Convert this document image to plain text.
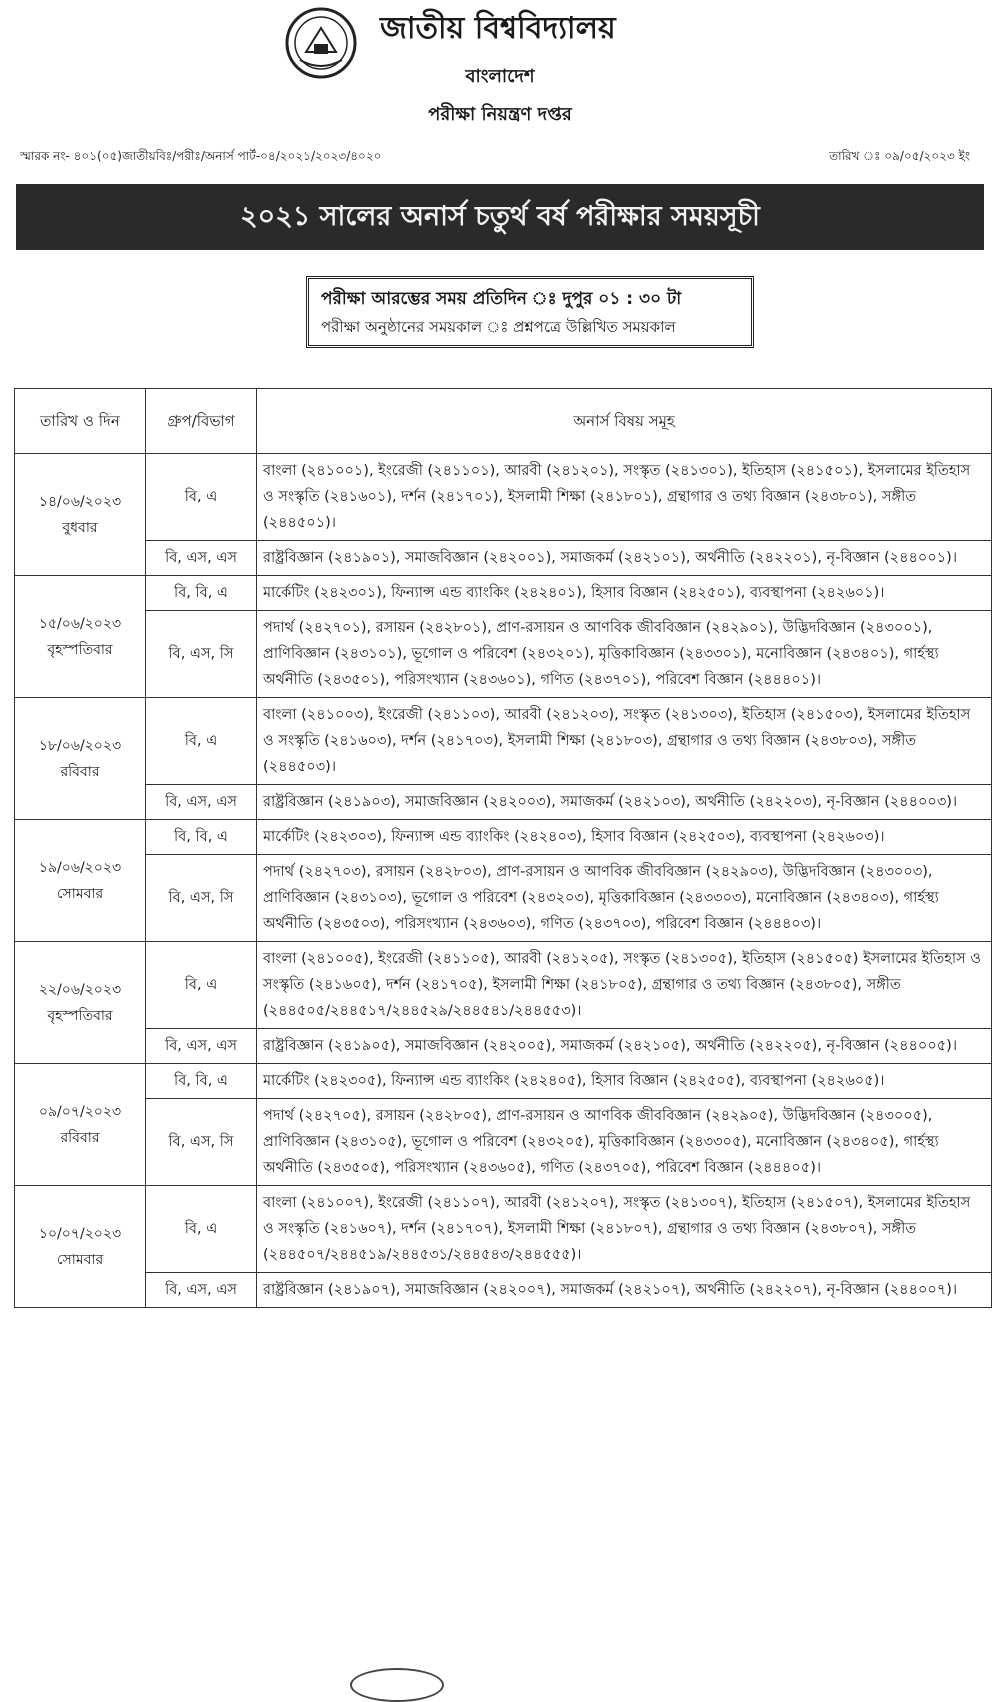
জাতীয় বিশ্ববিদ্যালয়
বাংলাদেশ
পরীক্ষা নিয়ন্ত্রণ দপ্তর
স্মারক নং- ৪০১(০৫)জাতীয়বিঃ/পরীঃ/অনার্স পার্ট-০৪/২০২১/২০২৩/৪০২০	তারিখ ঃ ০৯/০৫/২০২৩ ইং
২০২১ সালের অনার্স চতুর্থ বর্ষ পরীক্ষার সময়সূচী
পরীক্ষা আরম্ভের সময় প্রতিদিন ঃ দুপুর ০১ : ৩০ টা
পরীক্ষা অনুষ্ঠানের সময়কাল ঃ প্রশ্নপত্রে উল্লিখিত সময়কাল
তারিখ ও দিন	গ্রুপ/বিভাগ	অনার্স বিষয় সমূহ

১৪/০৬/২০২৩
বুধবার	বি, এ	বাংলা (২৪১০০১), ইংরেজী (২৪১১০১), আরবী (২৪১২০১), সংস্কৃত (২৪১৩০১), ইতিহাস (২৪১৫০১), ইসলামের ইতিহাস ও সংস্কৃতি (২৪১৬০১), দর্শন (২৪১৭০১), ইসলামী শিক্ষা (২৪১৮০১), গ্রন্থাগার ও তথ্য বিজ্ঞান (২৪৩৮০১), সঙ্গীত (২৪৪৫০১)।
	বি, এস, এস	রাষ্ট্রবিজ্ঞান (২৪১৯০১), সমাজবিজ্ঞান (২৪২০০১), সমাজকর্ম (২৪২১০১), অর্থনীতি (২৪২২০১), নৃ-বিজ্ঞান (২৪৪০০১)।

১৫/০৬/২০২৩
বৃহস্পতিবার	বি, বি, এ	মার্কেটিং (২৪২৩০১), ফিন্যান্স এন্ড ব্যাংকিং (২৪২৪০১), হিসাব বিজ্ঞান (২৪২৫০১), ব্যবস্থাপনা (২৪২৬০১)।
	বি, এস, সি	পদার্থ (২৪২৭০১), রসায়ন (২৪২৮০১), প্রাণ-রসায়ন ও আণবিক জীববিজ্ঞান (২৪২৯০১), উদ্ভিদবিজ্ঞান (২৪৩০০১), প্রাণিবিজ্ঞান (২৪৩১০১), ভূগোল ও পরিবেশ (২৪৩২০১), মৃত্তিকাবিজ্ঞান (২৪৩৩০১), মনোবিজ্ঞান (২৪৩৪০১), গার্হস্থ্য অর্থনীতি (২৪৩৫০১), পরিসংখ্যান (২৪৩৬০১), গণিত (২৪৩৭০১), পরিবেশ বিজ্ঞান (২৪৪৪০১)।

১৮/০৬/২০২৩
রবিবার	বি, এ	বাংলা (২৪১০০৩), ইংরেজী (২৪১১০৩), আরবী (২৪১২০৩), সংস্কৃত (২৪১৩০৩), ইতিহাস (২৪১৫০৩), ইসলামের ইতিহাস ও সংস্কৃতি (২৪১৬০৩), দর্শন (২৪১৭০৩), ইসলামী শিক্ষা (২৪১৮০৩), গ্রন্থাগার ও তথ্য বিজ্ঞান (২৪৩৮০৩), সঙ্গীত (২৪৪৫০৩)।
	বি, এস, এস	রাষ্ট্রবিজ্ঞান (২৪১৯০৩), সমাজবিজ্ঞান (২৪২০০৩), সমাজকর্ম (২৪২১০৩), অর্থনীতি (২৪২২০৩), নৃ-বিজ্ঞান (২৪৪০০৩)।

১৯/০৬/২০২৩
সোমবার	বি, বি, এ	মার্কেটিং (২৪২৩০৩), ফিন্যান্স এন্ড ব্যাংকিং (২৪২৪০৩), হিসাব বিজ্ঞান (২৪২৫০৩), ব্যবস্থাপনা (২৪২৬০৩)।
	বি, এস, সি	পদার্থ (২৪২৭০৩), রসায়ন (২৪২৮০৩), প্রাণ-রসায়ন ও আণবিক জীববিজ্ঞান (২৪২৯০৩), উদ্ভিদবিজ্ঞান (২৪৩০০৩), প্রাণিবিজ্ঞান (২৪৩১০৩), ভূগোল ও পরিবেশ (২৪৩২০৩), মৃত্তিকাবিজ্ঞান (২৪৩৩০৩), মনোবিজ্ঞান (২৪৩৪০৩), গার্হস্থ্য অর্থনীতি (২৪৩৫০৩), পরিসংখ্যান (২৪৩৬০৩), গণিত (২৪৩৭০৩), পরিবেশ বিজ্ঞান (২৪৪৪০৩)।

২২/০৬/২০২৩
বৃহস্পতিবার	বি, এ	বাংলা (২৪১০০৫), ইংরেজী (২৪১১০৫), আরবী (২৪১২০৫), সংস্কৃত (২৪১৩০৫), ইতিহাস (২৪১৫০৫) ইসলামের ইতিহাস ও সংস্কৃতি (২৪১৬০৫), দর্শন (২৪১৭০৫), ইসলামী শিক্ষা (২৪১৮০৫), গ্রন্থাগার ও তথ্য বিজ্ঞান (২৪৩৮০৫), সঙ্গীত (২৪৪৫০৫/২৪৪৫১৭/২৪৪৫২৯/২৪৪৫৪১/২৪৪৫৫৩)।
	বি, এস, এস	রাষ্ট্রবিজ্ঞান (২৪১৯০৫), সমাজবিজ্ঞান (২৪২০০৫), সমাজকর্ম (২৪২১০৫), অর্থনীতি (২৪২২০৫), নৃ-বিজ্ঞান (২৪৪০০৫)।

০৯/০৭/২০২৩
রবিবার	বি, বি, এ	মার্কেটিং (২৪২৩০৫), ফিন্যান্স এন্ড ব্যাংকিং (২৪২৪০৫), হিসাব বিজ্ঞান (২৪২৫০৫), ব্যবস্থাপনা (২৪২৬০৫)।
	বি, এস, সি	পদার্থ (২৪২৭০৫), রসায়ন (২৪২৮০৫), প্রাণ-রসায়ন ও আণবিক জীববিজ্ঞান (২৪২৯০৫), উদ্ভিদবিজ্ঞান (২৪৩০০৫), প্রাণিবিজ্ঞান (২৪৩১০৫), ভূগোল ও পরিবেশ (২৪৩২০৫), মৃত্তিকাবিজ্ঞান (২৪৩৩০৫), মনোবিজ্ঞান (২৪৩৪০৫), গার্হস্থ্য অর্থনীতি (২৪৩৫০৫), পরিসংখ্যান (২৪৩৬০৫), গণিত (২৪৩৭০৫), পরিবেশ বিজ্ঞান (২৪৪৪০৫)।

১০/০৭/২০২৩
সোমবার	বি, এ	বাংলা (২৪১০০৭), ইংরেজী (২৪১১০৭), আরবী (২৪১২০৭), সংস্কৃত (২৪১৩০৭), ইতিহাস (২৪১৫০৭), ইসলামের ইতিহাস ও সংস্কৃতি (২৪১৬০৭), দর্শন (২৪১৭০৭), ইসলামী শিক্ষা (২৪১৮০৭), গ্রন্থাগার ও তথ্য বিজ্ঞান (২৪৩৮০৭), সঙ্গীত (২৪৪৫০৭/২৪৪৫১৯/২৪৪৫৩১/২৪৪৫৪৩/২৪৪৫৫৫)।
	বি, এস, এস	রাষ্ট্রবিজ্ঞান (২৪১৯০৭), সমাজবিজ্ঞান (২৪২০০৭), সমাজকর্ম (২৪২১০৭), অর্থনীতি (২৪২২০৭), নৃ-বিজ্ঞান (২৪৪০০৭)।
